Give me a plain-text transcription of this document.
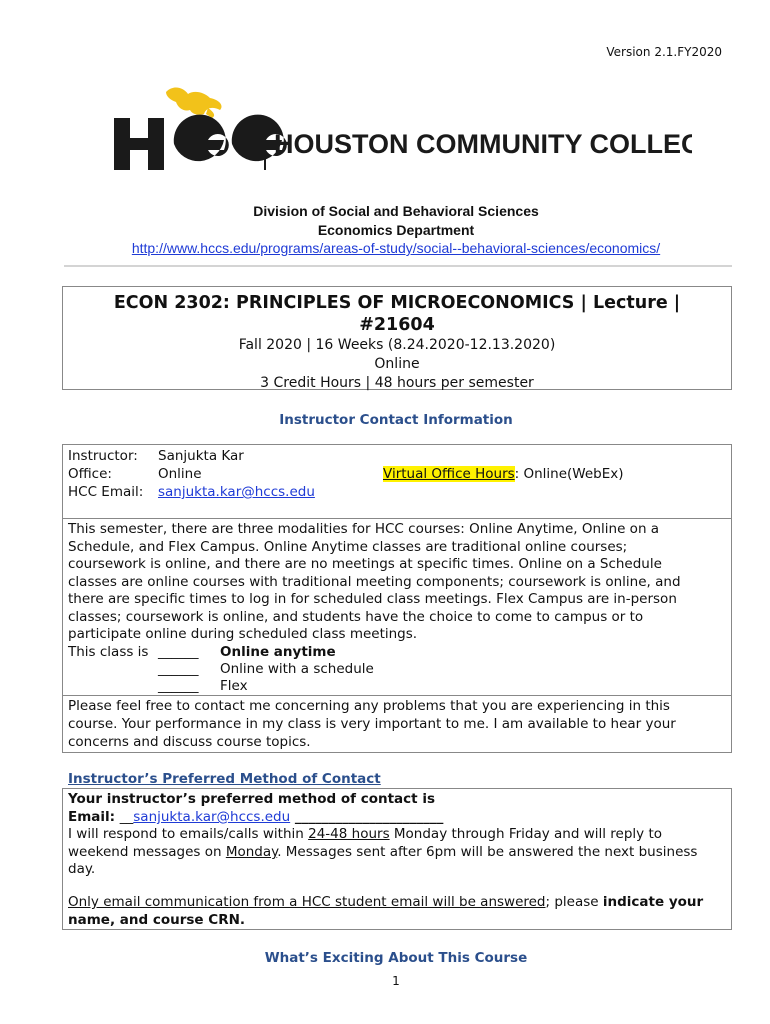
Version 2.1.FY2020
HOUSTON COMMUNITY COLLEGE
Division of Social and Behavioral Sciences
Economics Department
http://www.hccs.edu/programs/areas-of-study/social--behavioral-sciences/economics/
ECON 2302: PRINCIPLES OF MICROECONOMICS | Lecture | #21604
Fall 2020 | 16 Weeks (8.24.2020-12.13.2020)
Online
3 Credit Hours | 48 hours per semester
Instructor Contact Information
Instructor: Sanjukta Kar
Office:	Online	Virtual Office Hours: Online(WebEx)
HCC Email: sanjukta.kar@hccs.edu
This semester, there are three modalities for HCC courses: Online Anytime, Online on a
Schedule, and Flex Campus. Online Anytime classes are traditional online courses;
coursework is online, and there are no meetings at specific times. Online on a Schedule
classes are online courses with traditional meeting components; coursework is online, and
there are specific times to log in for scheduled class meetings. Flex Campus are in-person
classes; coursework is online, and students have the choice to come to campus or to
participate online during scheduled class meetings.
This class is ______ Online anytime
______ Online with a schedule
______ Flex
Please feel free to contact me concerning any problems that you are experiencing in this
course. Your performance in my class is very important to me. I am available to hear your
concerns and discuss course topics.
Instructor’s Preferred Method of Contact
Your instructor’s preferred method of contact is
Email: __sanjukta.kar@hccs.edu ______________________
I will respond to emails/calls within 24-48 hours Monday through Friday and will reply to
weekend messages on Monday. Messages sent after 6pm will be answered the next business
day.
Only email communication from a HCC student email will be answered; please indicate your
name, and course CRN.
What’s Exciting About This Course
1
